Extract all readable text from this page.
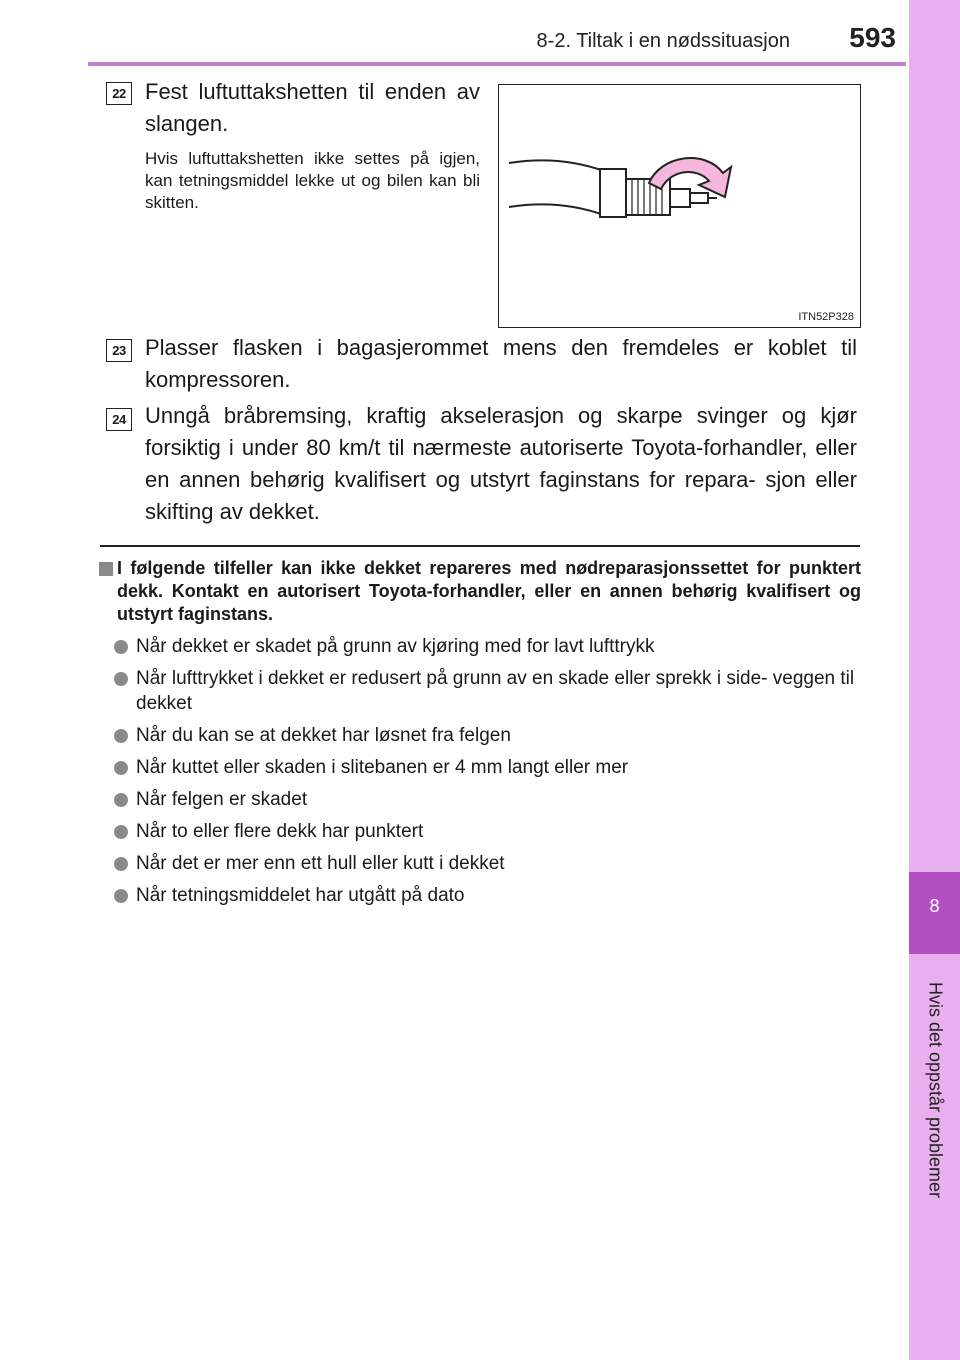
8-2. Tiltak i en nødssituasjon	593
8
Hvis det oppstår problemer
22 Fest luftuttakshetten til enden av slangen.
Hvis luftuttakshetten ikke settes på igjen, kan tetningsmiddel lekke ut og bilen kan bli skitten.
ITN52P328
23 Plasser flasken i bagasjerommet mens den fremdeles er koblet til kompressoren.
24 Unngå bråbremsing, kraftig akselerasjon og skarpe svinger og kjør forsiktig i under 80 km/t til nærmeste autoriserte Toyota-forhandler, eller en annen behørig kvalifisert og utstyrt faginstans for repara- sjon eller skifting av dekket.
I følgende tilfeller kan ikke dekket repareres med nødreparasjonssettet for punktert dekk. Kontakt en autorisert Toyota-forhandler, eller en annen behørig kvalifisert og utstyrt faginstans.
Når dekket er skadet på grunn av kjøring med for lavt lufttrykk
Når lufttrykket i dekket er redusert på grunn av en skade eller sprekk i side- veggen til dekket
Når du kan se at dekket har løsnet fra felgen
Når kuttet eller skaden i slitebanen er 4 mm langt eller mer
Når felgen er skadet
Når to eller flere dekk har punktert
Når det er mer enn ett hull eller kutt i dekket
Når tetningsmiddelet har utgått på dato
